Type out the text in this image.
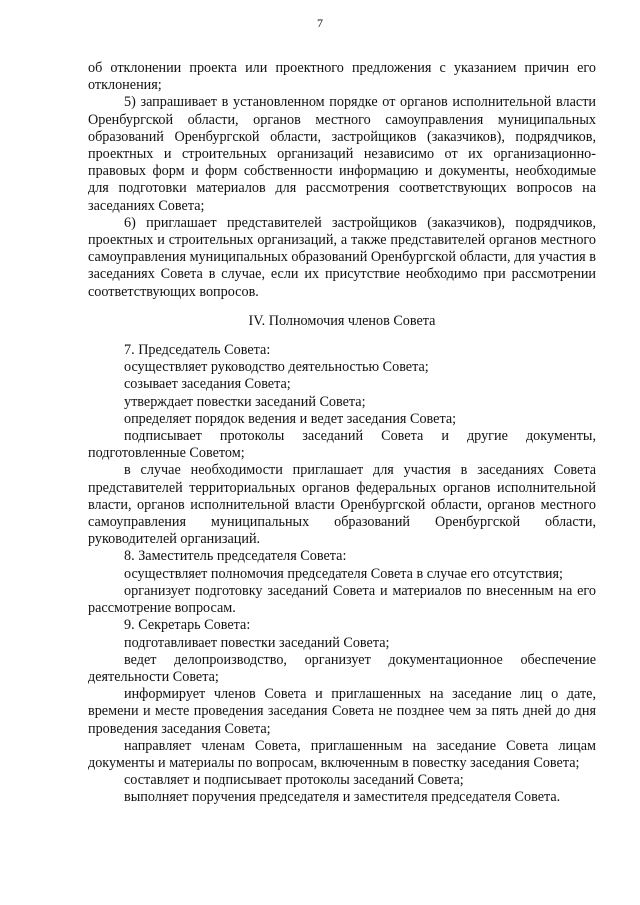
7

об отклонении проекта или проектного предложения с указанием причин его отклонения;

5) запрашивает в установленном порядке от органов исполнительной власти Оренбургской области, органов местного самоуправления муниципальных образований Оренбургской области, застройщиков (заказчиков), подрядчиков, проектных и строительных организаций независимо от их организационно-правовых форм и форм собственности информацию и документы, необходимые для подготовки материалов для рассмотрения соответствующих вопросов на заседаниях Совета;

6) приглашает представителей застройщиков (заказчиков), подрядчиков, проектных и строительных организаций, а также представителей органов местного самоуправления муниципальных образований Оренбургской области, для участия в заседаниях Совета в случае, если их присутствие необходимо при рассмотрении соответствующих вопросов.

IV. Полномочия членов Совета

7. Председатель Совета:

осуществляет руководство деятельностью Совета;

созывает заседания Совета;

утверждает повестки заседаний Совета;

определяет порядок ведения и ведет заседания Совета;

подписывает протоколы заседаний Совета и другие документы, подготовленные Советом;

в случае необходимости приглашает для участия в заседаниях Совета представителей территориальных органов федеральных органов исполнительной власти, органов исполнительной власти Оренбургской области, органов местного самоуправления муниципальных образований Оренбургской области, руководителей организаций.

8. Заместитель председателя Совета:

осуществляет полномочия председателя Совета в случае его отсутствия;

организует подготовку заседаний Совета и материалов по внесенным на его рассмотрение вопросам.

9. Секретарь Совета:

подготавливает повестки заседаний Совета;

ведет делопроизводство, организует документационное обеспечение деятельности Совета;

информирует членов Совета и приглашенных на заседание лиц о дате, времени и месте проведения заседания Совета не позднее чем за пять дней до дня проведения заседания Совета;

направляет членам Совета, приглашенным на заседание Совета лицам документы и материалы по вопросам, включенным в повестку заседания Совета;

составляет и подписывает протоколы заседаний Совета;

выполняет поручения председателя и заместителя председателя Совета.
